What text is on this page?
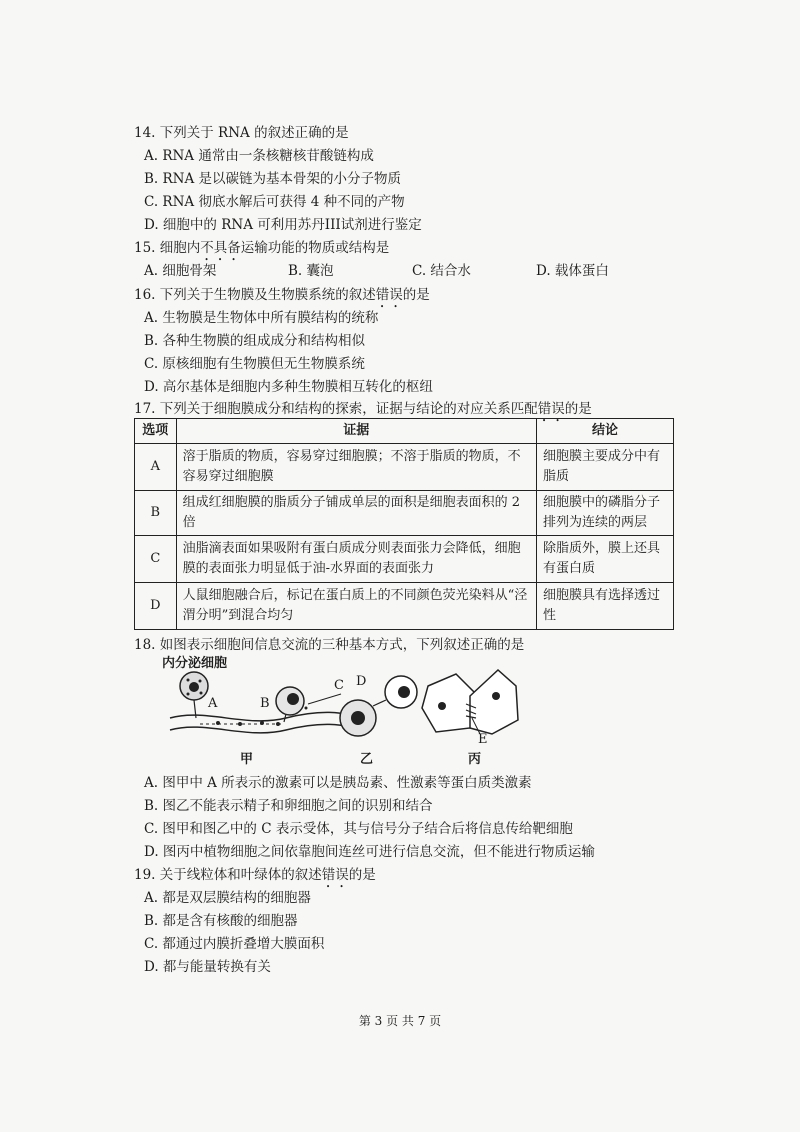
14. 下列关于 RNA 的叙述正确的是
A. RNA 通常由一条核糖核苷酸链构成
B. RNA 是以碳链为基本骨架的小分子物质
C. RNA 彻底水解后可获得 4 种不同的产物
D. 细胞中的 RNA 可利用苏丹III试剂进行鉴定
15. 细胞内不具备运输功能的物质或结构是
A. 细胞骨架	B. 囊泡	C. 结合水	D. 载体蛋白
16. 下列关于生物膜及生物膜系统的叙述错误的是
A. 生物膜是生物体中所有膜结构的统称
B. 各种生物膜的组成成分和结构相似
C. 原核细胞有生物膜但无生物膜系统
D. 高尔基体是细胞内多种生物膜相互转化的枢纽
17. 下列关于细胞膜成分和结构的探索，证据与结论的对应关系匹配错误的是
选项	证据	结论
A	溶于脂质的物质，容易穿过细胞膜；不溶于脂质的物质，不容易穿过细胞膜	细胞膜主要成分中有脂质
B	组成红细胞膜的脂质分子铺成单层的面积是细胞表面积的 2 倍	细胞膜中的磷脂分子排列为连续的两层
C	油脂滴表面如果吸附有蛋白质成分则表面张力会降低，细胞膜的表面张力明显低于油-水界面的表面张力	除脂质外，膜上还具有蛋白质
D	人鼠细胞融合后，标记在蛋白质上的不同颜色荧光染料从“泾渭分明”到混合均匀	细胞膜具有选择透过性
18. 如图表示细胞间信息交流的三种基本方式，下列叙述正确的是
内分泌细胞
A	B
C D
E
甲	乙	丙
A. 图甲中 A 所表示的激素可以是胰岛素、性激素等蛋白质类激素
B. 图乙不能表示精子和卵细胞之间的识别和结合
C. 图甲和图乙中的 C 表示受体，其与信号分子结合后将信息传给靶细胞
D. 图丙中植物细胞之间依靠胞间连丝可进行信息交流，但不能进行物质运输
19. 关于线粒体和叶绿体的叙述错误的是
A. 都是双层膜结构的细胞器
B. 都是含有核酸的细胞器
C. 都通过内膜折叠增大膜面积
D. 都与能量转换有关
第 3 页 共 7 页
